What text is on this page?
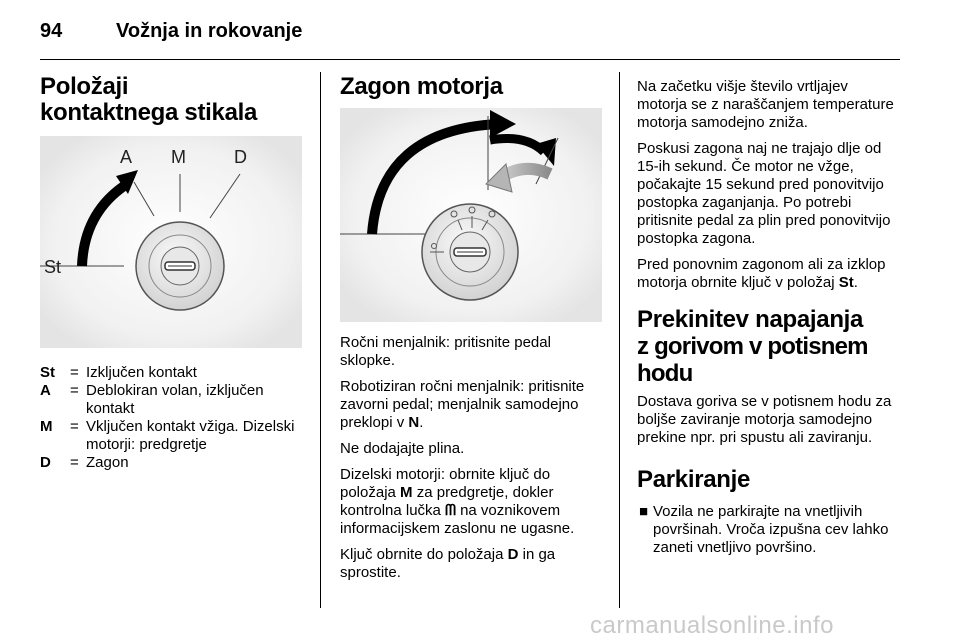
94	Vožnja in rokovanje
Položaji kontaktnega stikala
A M	D
St
St	= Izključen kontakt
A	= Deblokiran volan, izključen kontakt
M	= Vključen kontakt vžiga. Dizelski motorji: predgretje
D	= Zagon
Zagon motorja

Ročni menjalnik: pritisnite pedal sklopke.

Robotiziran ročni menjalnik: pritisnite zavorni pedal; menjalnik samodejno preklopi v N.

Ne dodajajte plina.

Dizelski motorji: obrnite ključ do položaja M za predgretje, dokler kontrolna lučka ᗰ na voznikovem informacijskem zaslonu ne ugasne.

Ključ obrnite do položaja D in ga sprostite.

Na začetku višje število vrtljajev motorja se z naraščanjem temperature motorja samodejno zniža.

Poskusi zagona naj ne trajajo dlje od 15-ih sekund. Če motor ne vžge, počakajte 15 sekund pred ponovitvijo postopka zaganjanja. Po potrebi pritisnite pedal za plin pred ponovitvijo postopka zagona.

Pred ponovnim zagonom ali za izklop motorja obrnite ključ v položaj St.

Prekinitev napajanja
z gorivom v potisnem hodu

Dostava goriva se v potisnem hodu za boljše zaviranje motorja samodejno prekine npr. pri spustu ali zaviranju.

Parkiranje
■ Vozila ne parkirajte na vnetljivih površinah. Vroča izpušna cev lahko zaneti vnetljivo površino.
carmanualsonline.info
